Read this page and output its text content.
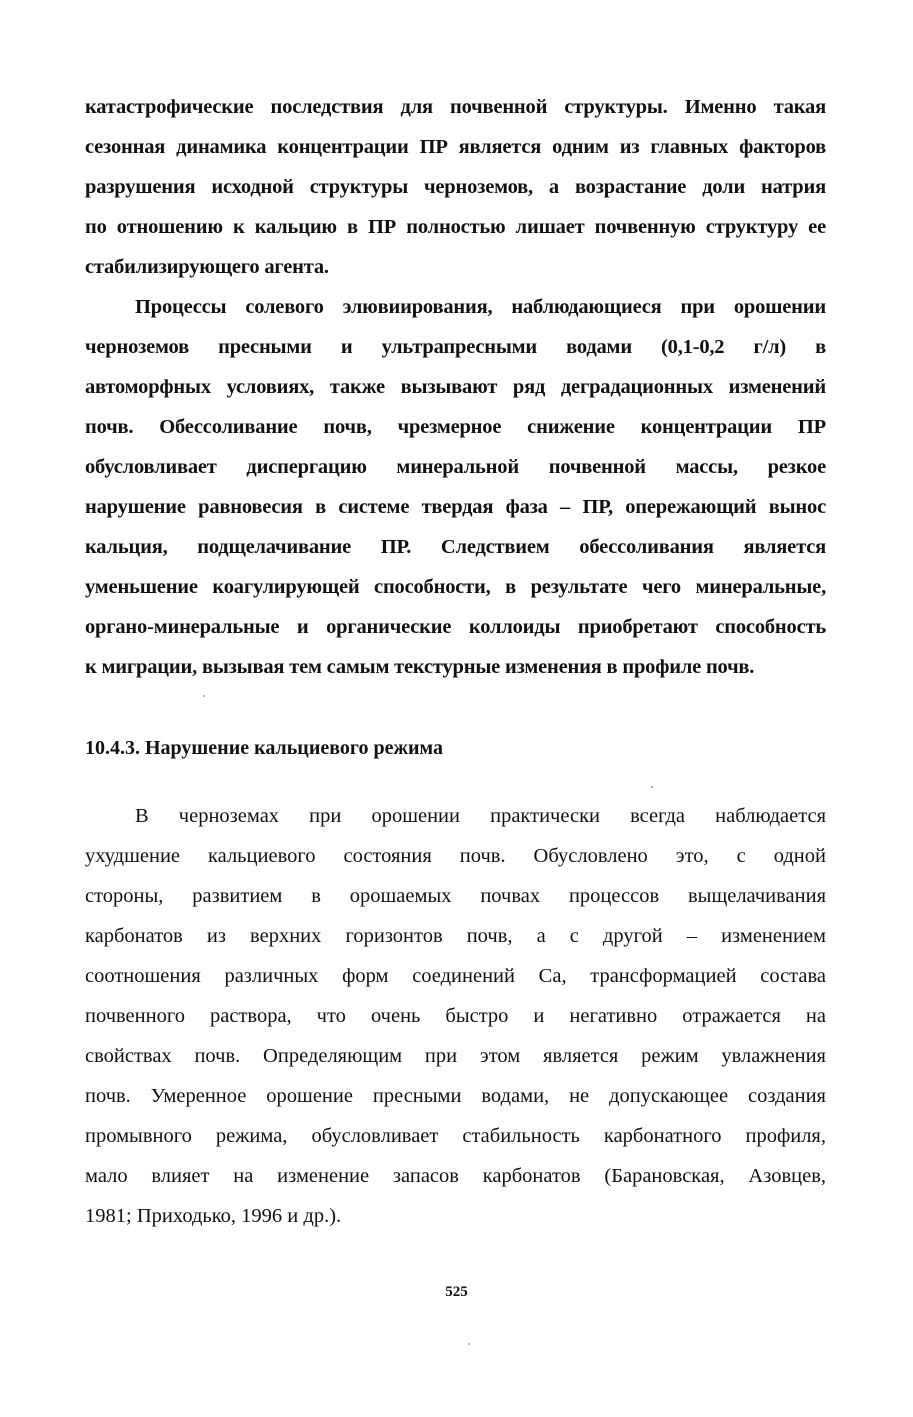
катастрофические последствия для почвенной структуры. Именно такая
сезонная динамика концентрации ПР является одним из главных факторов
разрушения исходной структуры черноземов, а возрастание доли натрия
по отношению к кальцию в ПР полностью лишает почвенную структуру ее
стабилизирующего агента.
Процессы солевого элювиирования, наблюдающиеся при орошении
черноземов пресными и ультрапресными водами (0,1-0,2 г/л) в
автоморфных условиях, также вызывают ряд деградационных изменений
почв. Обессоливание почв, чрезмерное снижение концентрации ПР
обусловливает диспергацию минеральной почвенной массы, резкое
нарушение равновесия в системе твердая фаза – ПР, опережающий вынос
кальция, подщелачивание ПР. Следствием обессоливания является
уменьшение коагулирующей способности, в результате чего минеральные,
органо-минеральные и органические коллоиды приобретают способность
к миграции, вызывая тем самым текстурные изменения в профиле почв.
10.4.3. Нарушение кальциевого режима
В черноземах при орошении практически всегда наблюдается
ухудшение кальциевого состояния почв. Обусловлено это, с одной
стороны, развитием в орошаемых почвах процессов выщелачивания
карбонатов из верхних горизонтов почв, а с другой – изменением
соотношения различных форм соединений Са, трансформацией состава
почвенного раствора, что очень быстро и негативно отражается на
свойствах почв. Определяющим при этом является режим увлажнения
почв. Умеренное орошение пресными водами, не допускающее создания
промывного режима, обусловливает стабильность карбонатного профиля,
мало влияет на изменение запасов карбонатов (Барановская, Азовцев,
1981; Приходько, 1996 и др.).
525
